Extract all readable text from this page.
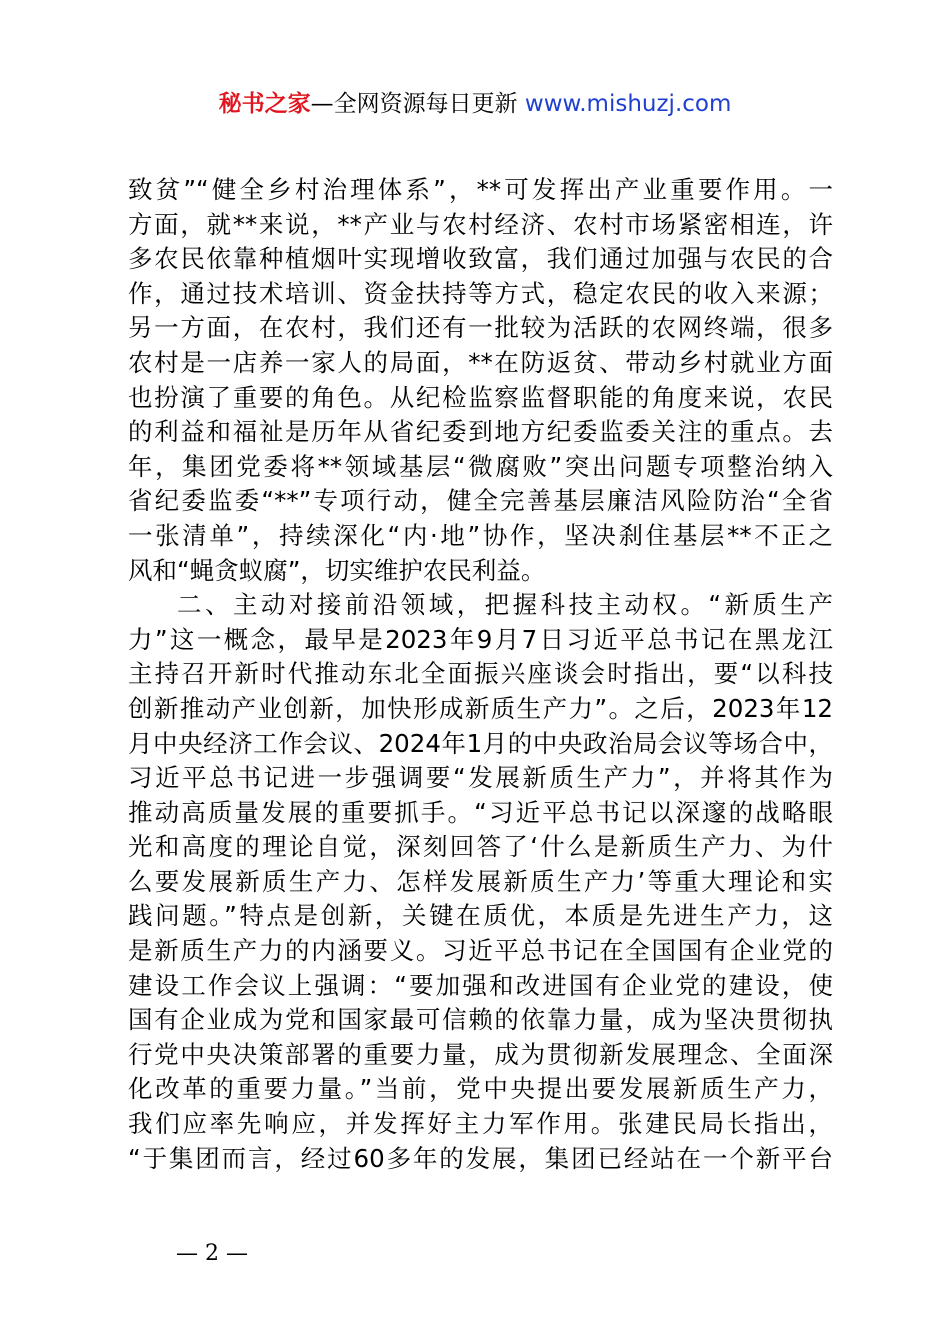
秘书之家—全网资源每日更新 www.mishuzj.com
致贫”“健全乡村治理体系”，**可发挥出产业重要作用。一
方面，就**来说，**产业与农村经济、农村市场紧密相连，许
多农民依靠种植烟叶实现增收致富，我们通过加强与农民的合
作，通过技术培训、资金扶持等方式，稳定农民的收入来源；
另一方面，在农村，我们还有一批较为活跃的农网终端，很多
农村是一店养一家人的局面，**在防返贫、带动乡村就业方面
也扮演了重要的角色。从纪检监察监督职能的角度来说，农民
的利益和福祉是历年从省纪委到地方纪委监委关注的重点。去
年，集团党委将**领域基层“微腐败”突出问题专项整治纳入
省纪委监委“**”专项行动，健全完善基层廉洁风险防治“全省
一张清单”，持续深化“内·地”协作，坚决刹住基层**不正之
风和“蝇贪蚁腐”，切实维护农民利益。
二、主动对接前沿领域，把握科技主动权。“新质生产
力”这一概念，最早是2023年9月7日习近平总书记在黑龙江
主持召开新时代推动东北全面振兴座谈会时指出，要“以科技
创新推动产业创新，加快形成新质生产力”。之后，2023年12
月中央经济工作会议、2024年1月的中央政治局会议等场合中，
习近平总书记进一步强调要“发展新质生产力”，并将其作为
推动高质量发展的重要抓手。“习近平总书记以深邃的战略眼
光和高度的理论自觉，深刻回答了‘什么是新质生产力、为什
么要发展新质生产力、怎样发展新质生产力’等重大理论和实
践问题。”特点是创新，关键在质优，本质是先进生产力，这
是新质生产力的内涵要义。习近平总书记在全国国有企业党的
建设工作会议上强调：“要加强和改进国有企业党的建设，使
国有企业成为党和国家最可信赖的依靠力量，成为坚决贯彻执
行党中央决策部署的重要力量，成为贯彻新发展理念、全面深
化改革的重要力量。”当前，党中央提出要发展新质生产力，
我们应率先响应，并发挥好主力军作用。张建民局长指出，
“于集团而言，经过60多年的发展，集团已经站在一个新平台
— 2 —
